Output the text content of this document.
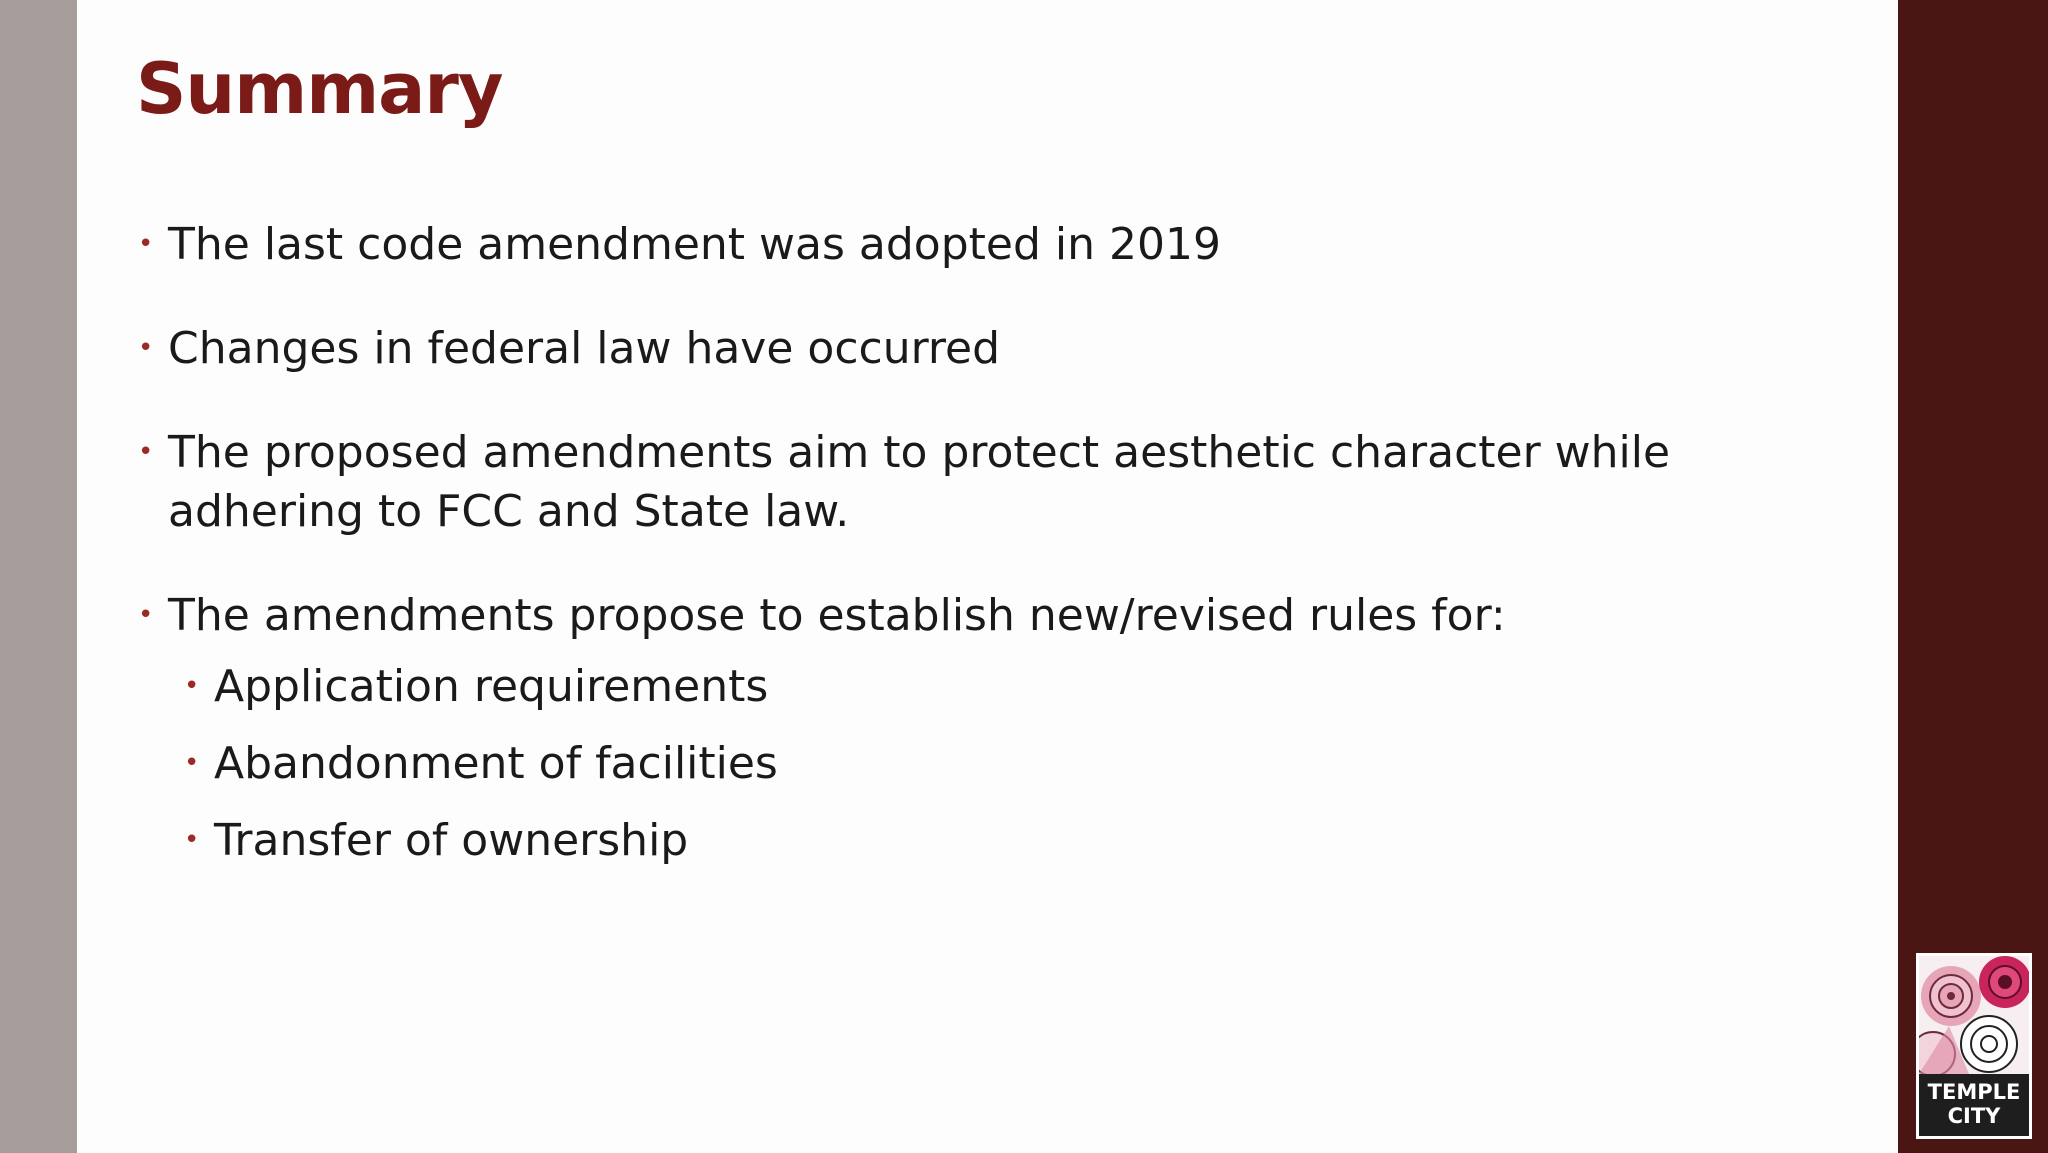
Summary
• The last code amendment was adopted in 2019
• Changes in federal law have occurred
• The proposed amendments aim to protect aesthetic character while adhering to FCC and State law.
• The amendments propose to establish new/revised rules for:
• Application requirements
• Abandonment of facilities
• Transfer of ownership
TEMPLE CITY
